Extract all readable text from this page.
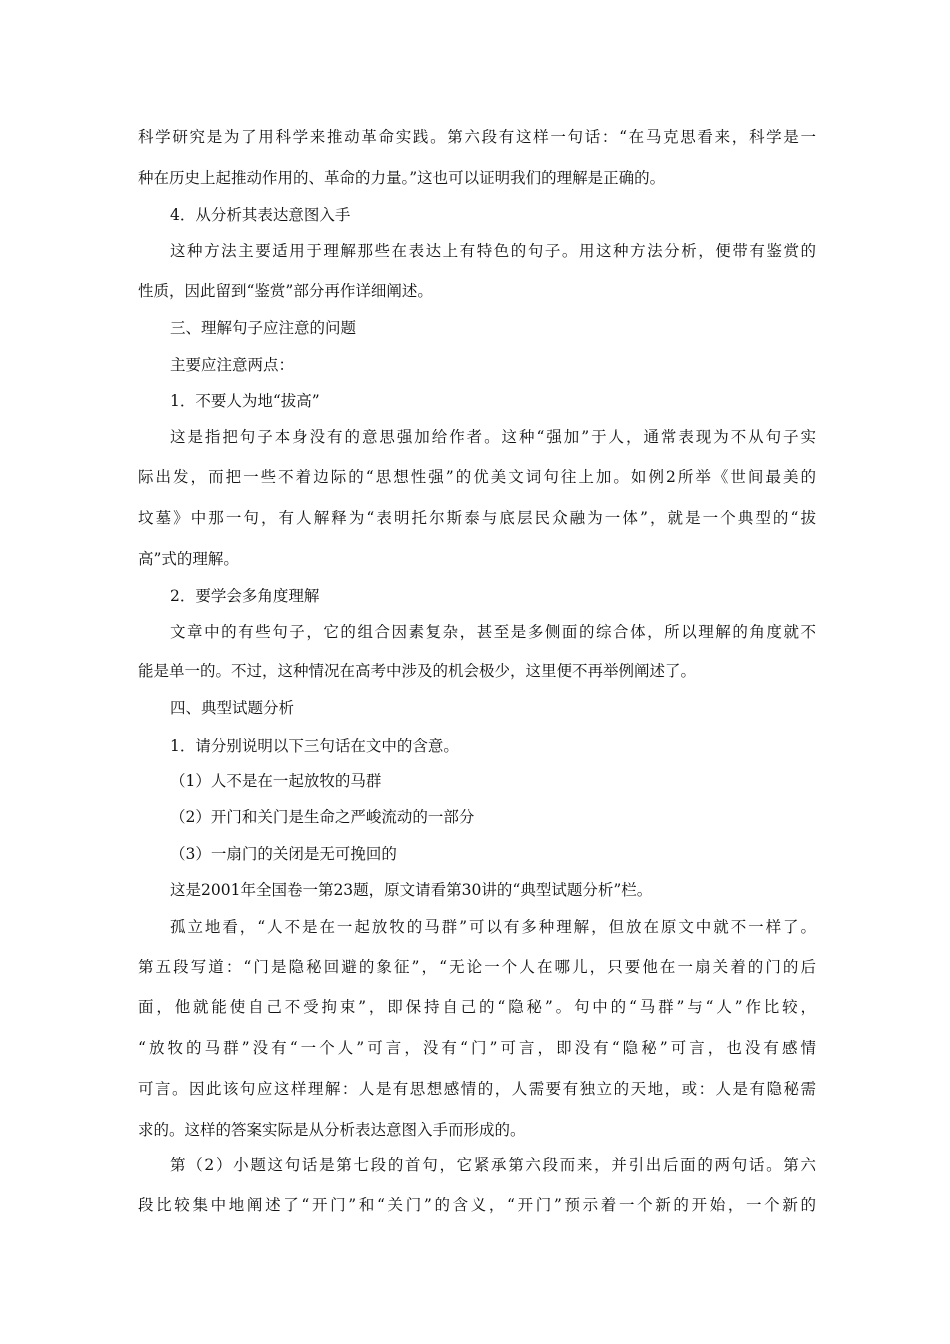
科学研究是为了用科学来推动革命实践。第六段有这样一句话：“在马克思看来，科学是一
种在历史上起推动作用的、革命的力量。”这也可以证明我们的理解是正确的。
4．从分析其表达意图入手
这种方法主要适用于理解那些在表达上有特色的句子。用这种方法分析，便带有鉴赏的
性质，因此留到“鉴赏”部分再作详细阐述。
三、理解句子应注意的问题
主要应注意两点：
1．不要人为地“拔高”
这是指把句子本身没有的意思强加给作者。这种“强加”于人，通常表现为不从句子实
际出发，而把一些不着边际的“思想性强”的优美文词句往上加。如例2所举《世间最美的
坟墓》中那一句，有人解释为“表明托尔斯泰与底层民众融为一体”，就是一个典型的“拔
高”式的理解。
2．要学会多角度理解
文章中的有些句子，它的组合因素复杂，甚至是多侧面的综合体，所以理解的角度就不
能是单一的。不过，这种情况在高考中涉及的机会极少，这里便不再举例阐述了。
四、典型试题分析
1．请分别说明以下三句话在文中的含意。
（1）人不是在一起放牧的马群
（2）开门和关门是生命之严峻流动的一部分
（3）一扇门的关闭是无可挽回的
这是2001年全国卷一第23题，原文请看第30讲的“典型试题分析”栏。
孤立地看，“人不是在一起放牧的马群”可以有多种理解，但放在原文中就不一样了。
第五段写道：“门是隐秘回避的象征”，“无论一个人在哪儿，只要他在一扇关着的门的后
面，他就能使自己不受拘束”，即保持自己的“隐秘”。句中的“马群”与“人”作比较，
“放牧的马群”没有“一个人”可言，没有“门”可言，即没有“隐秘”可言，也没有感情
可言。因此该句应这样理解：人是有思想感情的，人需要有独立的天地，或：人是有隐秘需
求的。这样的答案实际是从分析表达意图入手而形成的。
第（2）小题这句话是第七段的首句，它紧承第六段而来，并引出后面的两句话。第六
段比较集中地阐述了“开门”和“关门”的含义，“开门”预示着一个新的开始，一个新的
